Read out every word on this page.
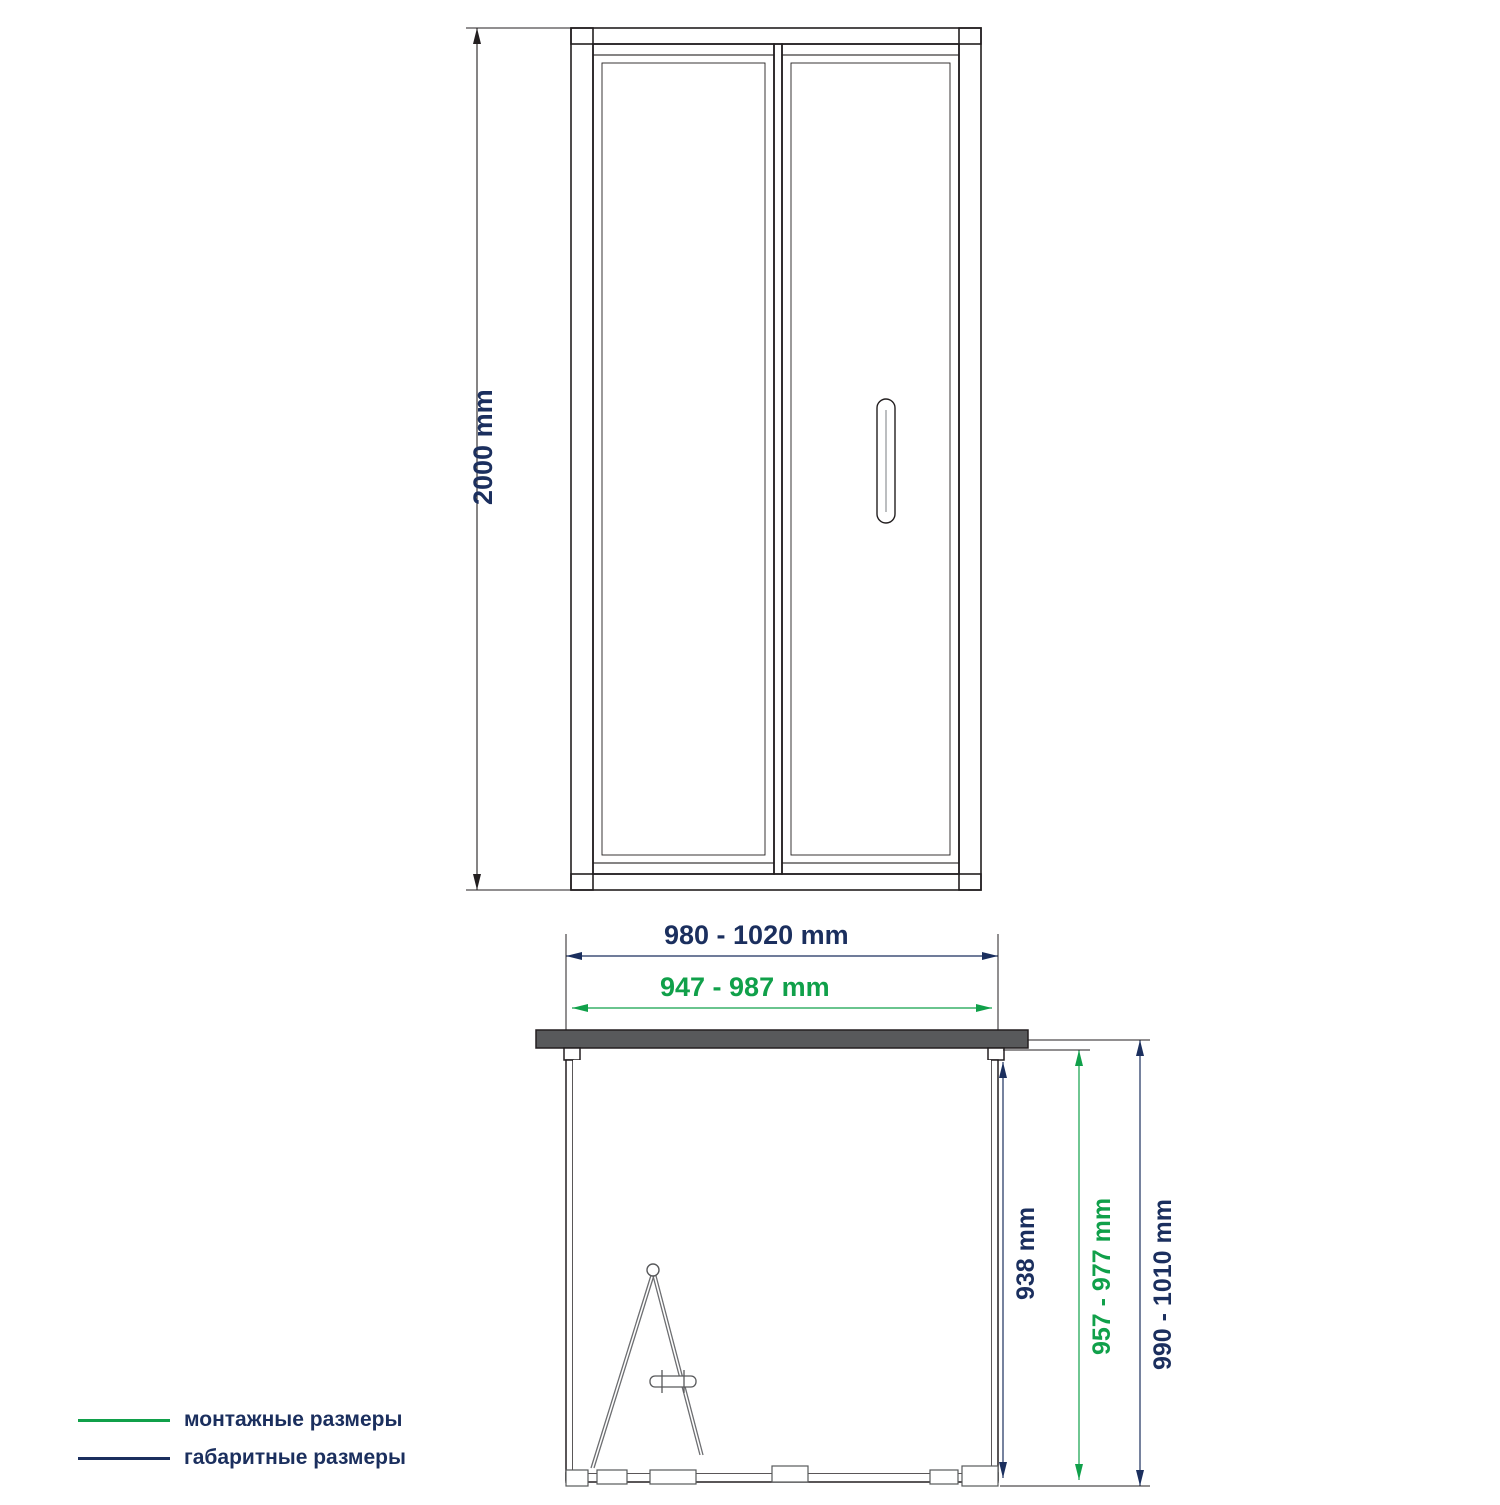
2000 mm
980 - 1020 mm
947 - 987 mm
938 mm 957 - 977 mm 990 - 1010 mm
монтажные размеры
габаритные размеры
